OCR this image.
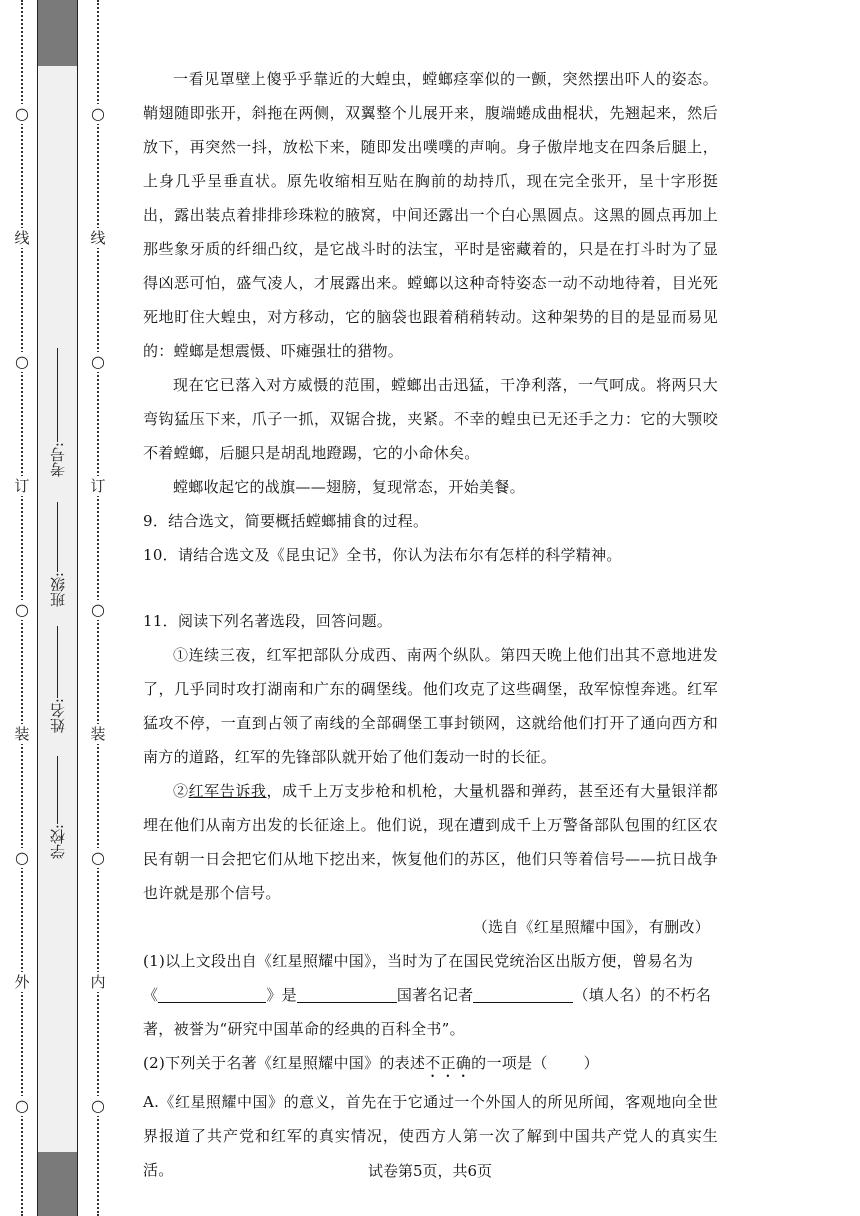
○
线
○
订
○
装
○
外
○
考号:
班级:
姓名:
学校:
○
线
○
订
○
装
○
内
○

一看见罩壁上傻乎乎靠近的大蝗虫，螳螂痉挛似的一颤，突然摆出吓人的姿态。鞘翅随即张开，斜拖在两侧，双翼整个儿展开来，腹端蜷成曲棍状，先翘起来，然后放下，再突然一抖，放松下来，随即发出噗噗的声响。身子傲岸地支在四条后腿上，上身几乎呈垂直状。原先收缩相互贴在胸前的劫持爪，现在完全张开，呈十字形挺出，露出装点着排排珍珠粒的腋窝，中间还露出一个白心黑圆点。这黑的圆点再加上那些象牙质的纤细凸纹，是它战斗时的法宝，平时是密藏着的，只是在打斗时为了显得凶恶可怕，盛气凌人，才展露出来。螳螂以这种奇特姿态一动不动地待着，目光死死地盯住大蝗虫，对方移动，它的脑袋也跟着稍稍转动。这种架势的目的是显而易见的：螳螂是想震慑、吓瘫强壮的猎物。

现在它已落入对方威慑的范围，螳螂出击迅猛，干净利落，一气呵成。将两只大弯钩猛压下来，爪子一抓，双锯合拢，夹紧。不幸的蝗虫已无还手之力：它的大颚咬不着螳螂，后腿只是胡乱地蹬踢，它的小命休矣。

螳螂收起它的战旗——翅膀，复现常态，开始美餐。

9．结合选文，简要概括螳螂捕食的过程。

10．请结合选文及《昆虫记》全书，你认为法布尔有怎样的科学精神。

11．阅读下列名著选段，回答问题。

①连续三夜，红军把部队分成西、南两个纵队。第四天晚上他们出其不意地进发了，几乎同时攻打湖南和广东的碉堡线。他们攻克了这些碉堡，敌军惊惶奔逃。红军猛攻不停，一直到占领了南线的全部碉堡工事封锁网，这就给他们打开了通向西方和南方的道路，红军的先锋部队就开始了他们轰动一时的长征。

②红军告诉我，成千上万支步枪和机枪，大量机器和弹药，甚至还有大量银洋都埋在他们从南方出发的长征途上。他们说，现在遭到成千上万警备部队包围的红区农民有朝一日会把它们从地下挖出来，恢复他们的苏区，他们只等着信号——抗日战争也许就是那个信号。

（选自《红星照耀中国》，有删改）

(1)以上文段出自《红星照耀中国》，当时为了在国民党统治区出版方便，曾易名为
《	》是	国著名记者	（填人名）的不朽名
著，被誉为“研究中国革命的经典的百科全书”。

(2)下列关于名著《红星照耀中国》的表述不正确的一项是（ ）

A.《红星照耀中国》的意义，首先在于它通过一个外国人的所见所闻，客观地向全世界报道了共产党和红军的真实情况，使西方人第一次了解到中国共产党人的真实生活。	试卷第5页，共6页
